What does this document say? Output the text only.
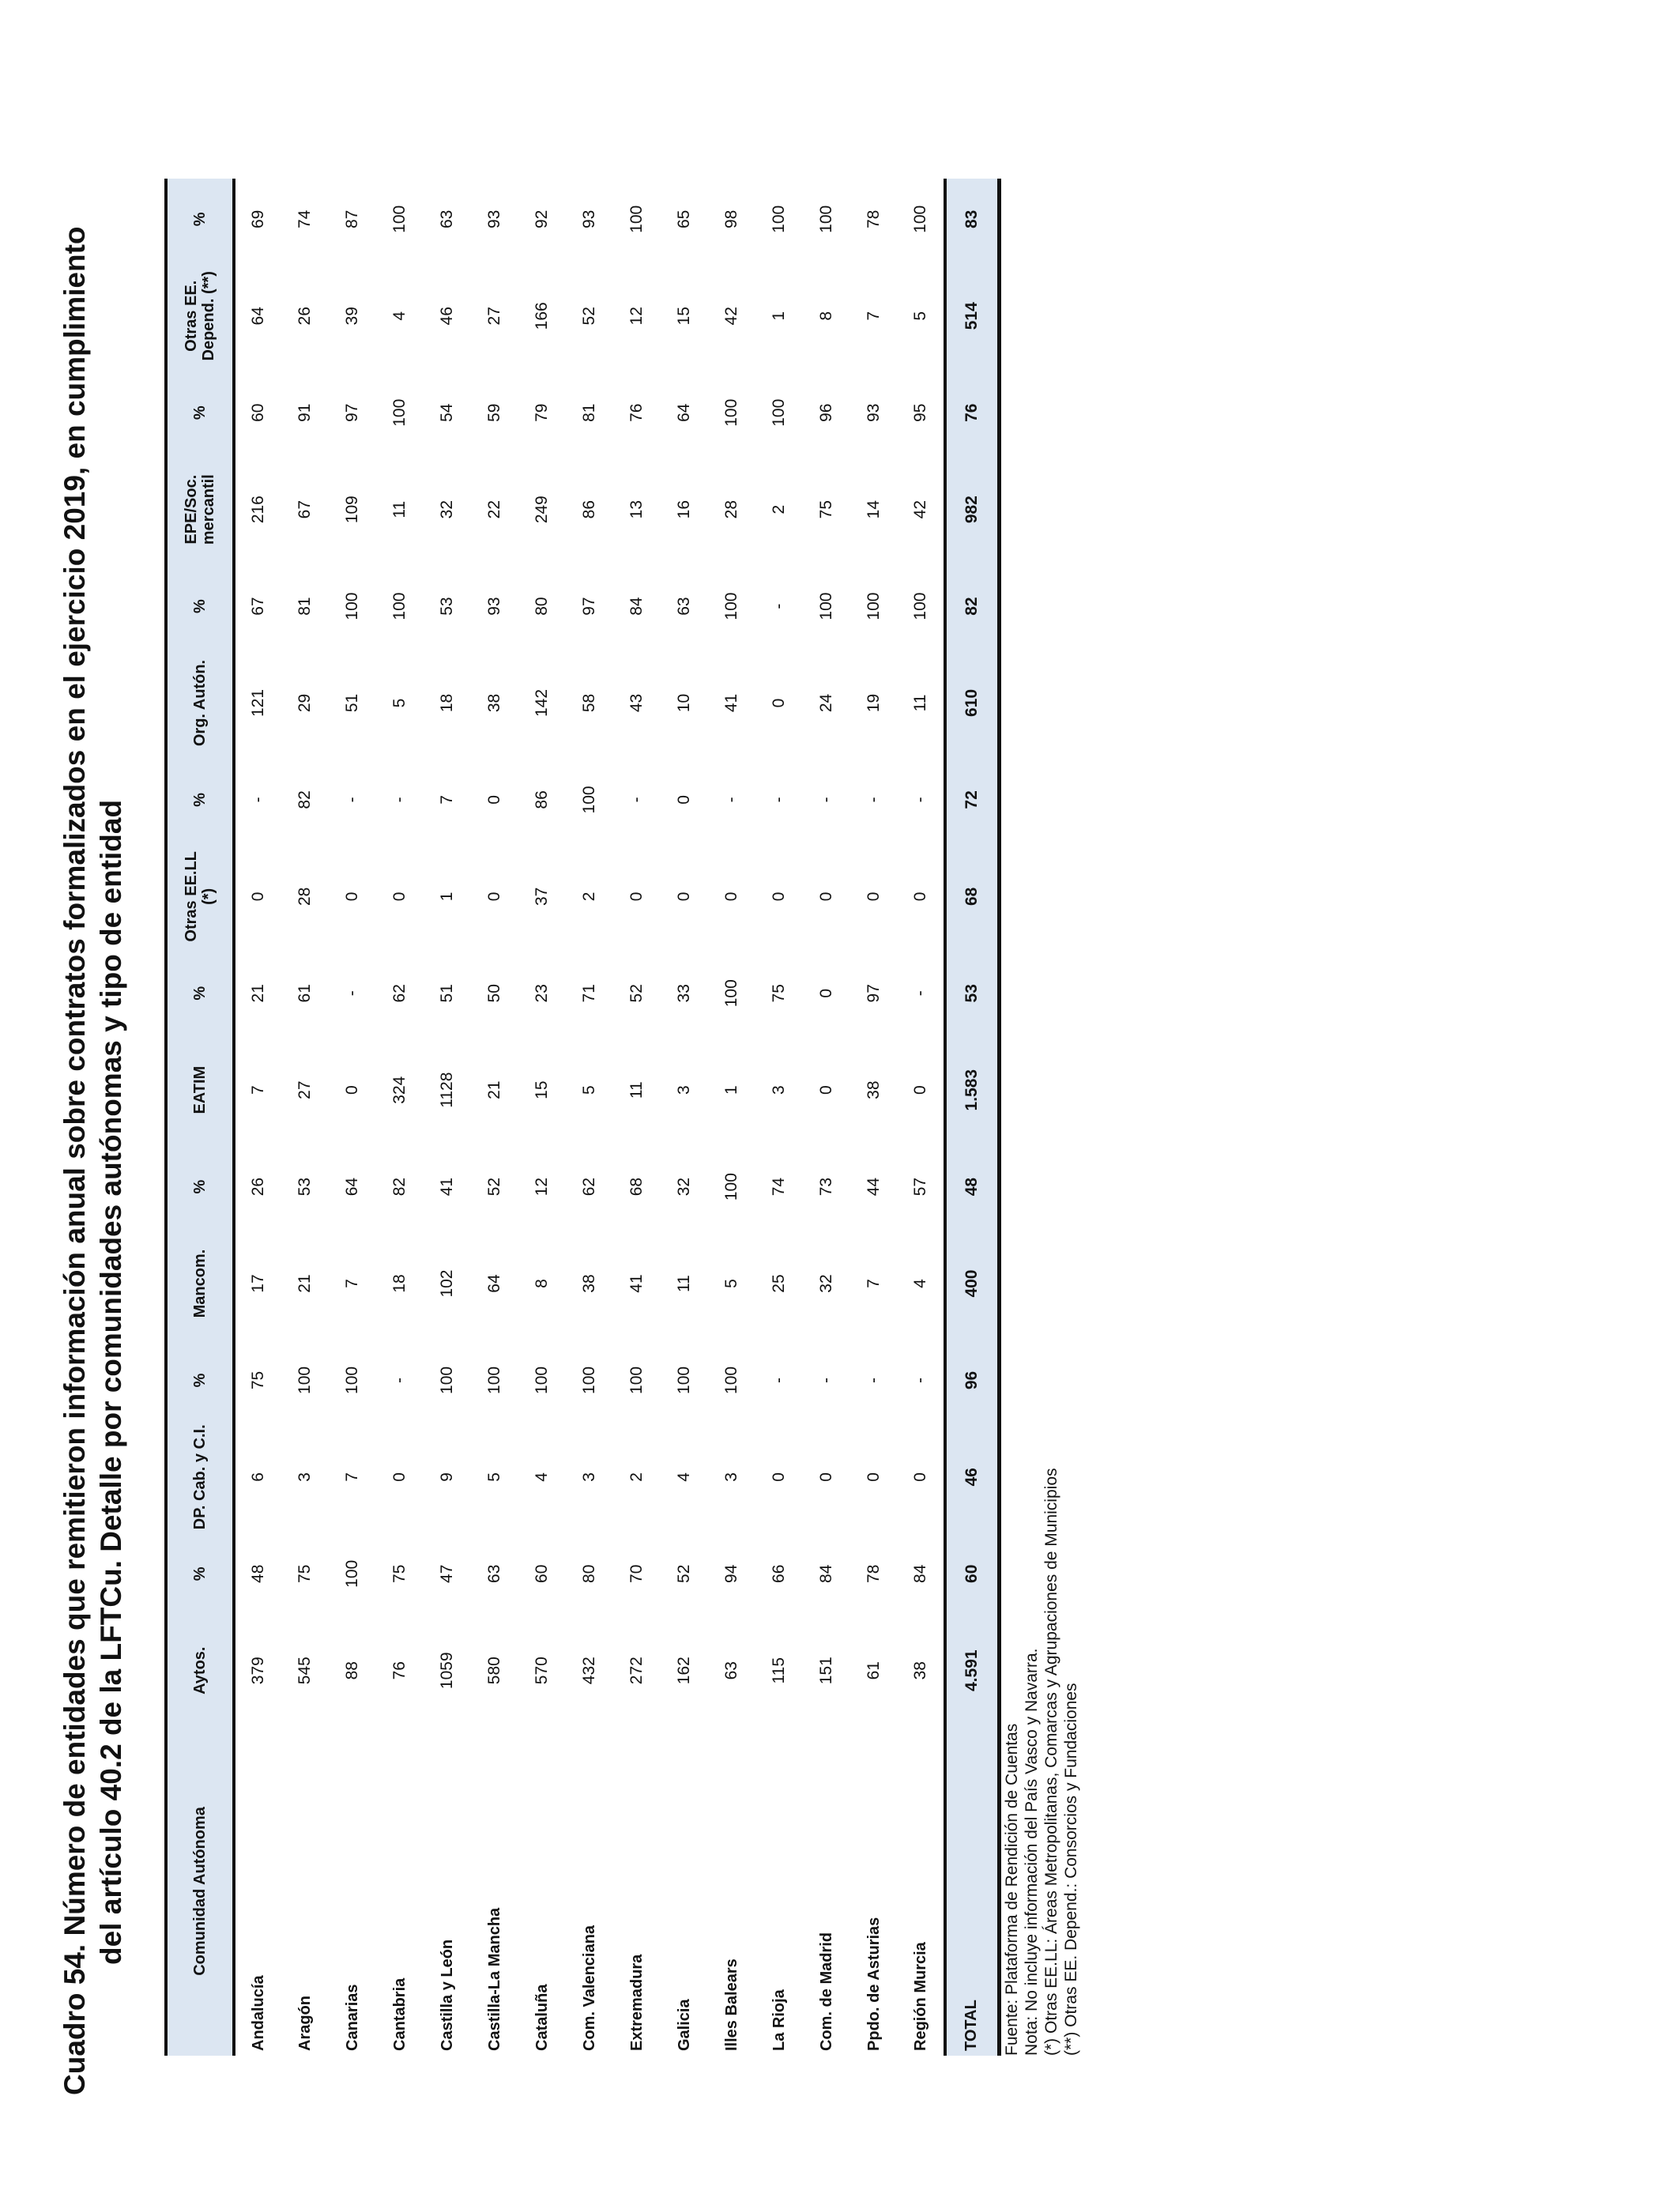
Cuadro 54. Número de entidades que remitieron información anual sobre contratos formalizados en el ejercicio 2019, en cumplimiento del artículo 40.2 de la LFTCu. Detalle por comunidades autónomas y tipo de entidad	Comunidad Autónoma	Aytos.	%	DP. Cab. y C.I.	%	Mancom.	%	EATIM	%	Otras EE.LL (*)	%	Org. Autón.	%	EPE/Soc. mercantil	%	Otras EE. Depend. (**)	%
Andalucía	379	48	6	75	17	26	7	21	0	-	121	67	216	60	64	69
Aragón	545	75	3	100	21	53	27	61	28	82	29	81	67	91	26	74
Canarias	88	100	7	100	7	64	0	-	0	-	51	100	109	97	39	87
Cantabria	76	75	0	-	18	82	324	62	0	-	5	100	11	100	4	100
Castilla y León	1059	47	9	100	102	41	1128	51	1	7	18	53	32	54	46	63
Castilla-La Mancha	580	63	5	100	64	52	21	50	0	0	38	93	22	59	27	93
Cataluña	570	60	4	100	8	12	15	23	37	86	142	80	249	79	166	92
Com. Valenciana	432	80	3	100	38	62	5	71	2	100	58	97	86	81	52	93
Extremadura	272	70	2	100	41	68	11	52	0	-	43	84	13	76	12	100
Galicia	162	52	4	100	11	32	3	33	0	0	10	63	16	64	15	65
Illes Balears	63	94	3	100	5	100	1	100	0	-	41	100	28	100	42	98
La Rioja	115	66	0	-	25	74	3	75	0	-	0	-	2	100	1	100
Com. de Madrid	151	84	0	-	32	73	0	0	0	-	24	100	75	96	8	100
Ppdo. de Asturias	61	78	0	-	7	44	38	97	0	-	19	100	14	93	7	78
Región Murcia	38	84	0	-	4	57	0	-	0	-	11	100	42	95	5	100
TOTAL	4.591	60	46	96	400	48	1.583	53	68	72	610	82	982	76	514	83
Fuente: Plataforma de Rendición de Cuentas Nota: No incluye información del País Vasco y Navarra. (*) Otras EE.LL: Áreas Metropolitanas, Comarcas y Agrupaciones de Municipios (**) Otras EE. Depend.: Consorcios y Fundaciones
